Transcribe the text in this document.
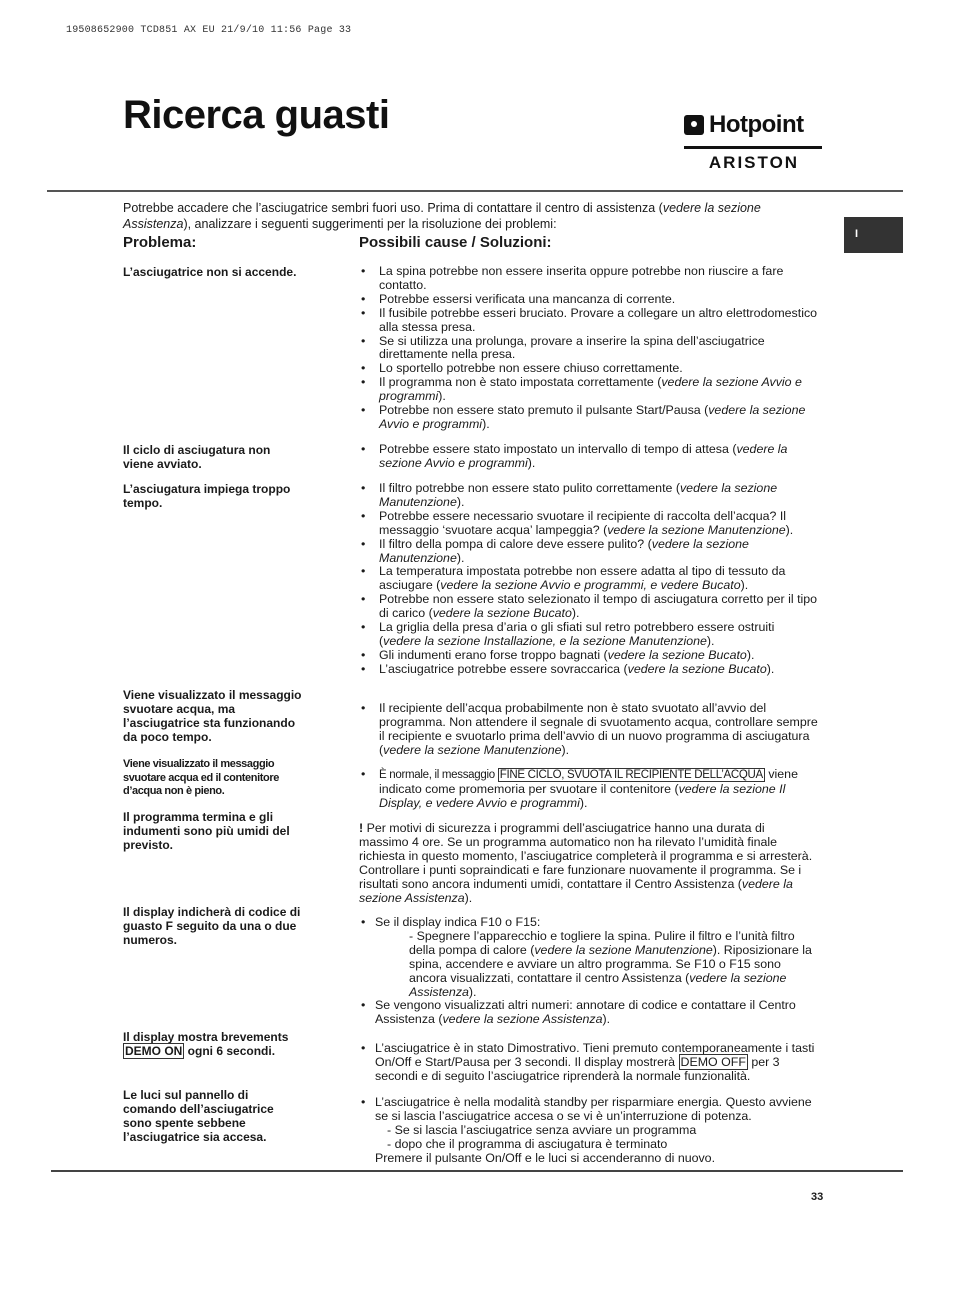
19508652900 TCD851 AX EU 21/9/10 11:56 Page 33
Ricerca guasti	Hotpoint
ARISTON
I
Potrebbe accadere che l’asciugatrice sembri fuori uso. Prima di contattare il centro di assistenza (vedere la sezione Assistenza), analizzare i seguenti suggerimenti per la risoluzione dei problemi:
Problema:	Possibili cause / Soluzioni:
L’asciugatrice non si accende.
Il ciclo di asciugatura non viene avviato.
L’asciugatura impiega troppo tempo.
Viene visualizzato il messaggio svuotare acqua, ma l’asciugatrice sta funzionando da poco tempo.
Viene visualizzato il messaggio svuotare acqua ed il contenitore d’acqua non è pieno.
Il programma termina e gli indumenti sono più umidi del previsto.
Il display indicherà di codice di guasto F seguito da una o due numeros.
Il display mostra brevements
DEMO ON ogni 6 secondi.
Le luci sul pannello di comando dell’asciugatrice sono spente sebbene l’asciugatrice sia accesa.
• La spina potrebbe non essere inserita oppure potrebbe non riuscire a fare contatto.
• Potrebbe essersi verificata una mancanza di corrente.
• Il fusibile potrebbe esseri bruciato. Provare a collegare un altro elettrodomestico alla stessa presa.
• Se si utilizza una prolunga, provare a inserire la spina dell’asciugatrice direttamente nella presa.
• Lo sportello potrebbe non essere chiuso correttamente.
• Il programma non è stato impostata correttamente (vedere la sezione Avvio e programmi).
• Potrebbe non essere stato premuto il pulsante Start/Pausa (vedere la sezione Avvio e programmi).
• Potrebbe essere stato impostato un intervallo di tempo di attesa (vedere la sezione Avvio e programmi).
• Il filtro potrebbe non essere stato pulito correttamente (vedere la sezione Manutenzione).
• Potrebbe essere necessario svuotare il recipiente di raccolta dell’acqua? Il messaggio ‘svuotare acqua’ lampeggia? (vedere la sezione Manutenzione).
• Il filtro della pompa di calore deve essere pulito? (vedere la sezione Manutenzione).
• La temperatura impostata potrebbe non essere adatta al tipo di tessuto da asciugare (vedere la sezione Avvio e programmi, e vedere Bucato).
• Potrebbe non essere stato selezionato il tempo di asciugatura corretto per il tipo di carico (vedere la sezione Bucato).
• La griglia della presa d’aria o gli sfiati sul retro potrebbero essere ostruiti (vedere la sezione Installazione, e la sezione Manutenzione).
• Gli indumenti erano forse troppo bagnati (vedere la sezione Bucato).
• L’asciugatrice potrebbe essere sovraccarica (vedere la sezione Bucato).
• Il recipiente dell’acqua probabilmente non è stato svuotato all’avvio del programma. Non attendere il segnale di svuotamento acqua, controllare sempre il recipiente e svuotarlo prima dell’avvio di un nuovo programma di asciugatura (vedere la sezione Manutenzione).
• È normale, il messaggio FINE CICLO, SVUOTA IL RECIPIENTE DELL’ACQUA viene indicato come promemoria per svuotare il contenitore (vedere la sezione Il Display, e vedere Avvio e programmi).
! Per motivi di sicurezza i programmi dell’asciugatrice hanno una durata di massimo 4 ore. Se un programma automatico non ha rilevato l’umidità finale richiesta in questo momento, l’asciugatrice completerà il programma e si arresterà. Controllare i punti sopraindicati e fare funzionare nuovamente il programma. Se i risultati sono ancora indumenti umidi, contattare il Centro Assistenza (vedere la sezione Assistenza).
• Se il display indica F10 o F15:
- Spegnere l’apparecchio e togliere la spina. Pulire il filtro e l’unità filtro della pompa di calore (vedere la sezione Manutenzione). Riposizionare la spina, accendere e avviare un altro programma. Se F10 o F15 sono ancora visualizzati, contattare il centro Assistenza (vedere la sezione Assistenza).
• Se vengono visualizzati altri numeri: annotare di codice e contattare il Centro Assistenza (vedere la sezione Assistenza).
• L’asciugatrice è in stato Dimostrativo. Tieni premuto contemporaneamente i tasti On/Off e Start/Pausa per 3 secondi. Il display mostrerà DEMO OFF per 3 secondi e di seguito l’asciugatrice riprenderà la normale funzionalità.
• L’asciugatrice è nella modalità standby per risparmiare energia. Questo avviene se si lascia l’asciugatrice accesa o se vi è un’interruzione di potenza.
- Se si lascia l’asciugatrice senza avviare un programma
- dopo che il programma di asciugatura è terminato
Premere il pulsante On/Off e le luci si accenderanno di nuovo.
33
